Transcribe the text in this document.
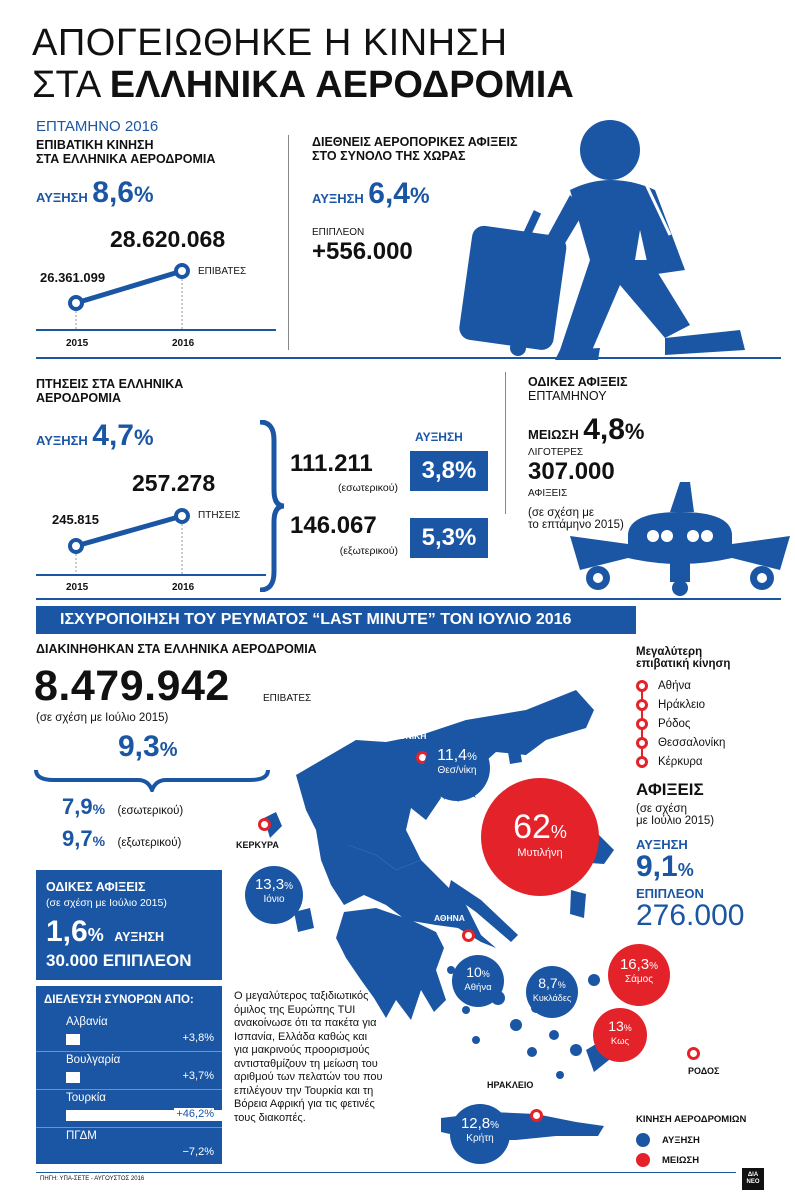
ΑΠΟΓΕΙΩΘΗΚΕ Η ΚΙΝΗΣΗ
ΣΤΑ ΕΛΛΗΝΙΚΑ ΑΕΡΟΔΡΟΜΙΑ
ΕΠΤΑΜΗΝΟ 2016
ΕΠΙΒΑΤΙΚΗ ΚΙΝΗΣΗ
ΣΤΑ ΕΛΛΗΝΙΚΑ ΑΕΡΟΔΡΟΜΙΑ
ΑΥΞΗΣΗ 8,6%
28.620.068
26.361.099	ΕΠΙΒΑΤΕΣ
2015	2016
ΔΙΕΘΝΕΙΣ ΑΕΡΟΠΟΡΙΚΕΣ ΑΦΙΞΕΙΣ
ΣΤΟ ΣΥΝΟΛΟ ΤΗΣ ΧΩΡΑΣ
ΑΥΞΗΣΗ 6,4%
ΕΠΙΠΛΕΟΝ
+556.000
ΠΤΗΣΕΙΣ ΣΤΑ ΕΛΛΗΝΙΚΑ
ΑΕΡΟΔΡΟΜΙΑ
ΑΥΞΗΣΗ 4,7%
257.278
245.815	ΠΤΗΣΕΙΣ
2015	2016
ΑΥΞΗΣΗ
111.211
(εσωτερικού)
3,8%
146.067
(εξωτερικού) 5,3%
ΟΔΙΚΕΣ ΑΦΙΞΕΙΣ
ΕΠΤΑΜΗΝΟΥ
ΜΕΙΩΣΗ 4,8%
ΛΙΓΟΤΕΡΕΣ
307.000
ΑΦΙΞΕΙΣ
(σε σχέση με
το επτάμηνο 2015)
ΙΣΧΥΡΟΠΟΙΗΣΗ ΤΟΥ ΡΕΥΜΑΤΟΣ “LAST MINUTE” ΤΟΝ ΙΟΥΛΙΟ 2016
ΘΕΣΣΑΛΟΝΙΚΗ
ΚΕΡΚΥΡΑ
ΑΘΗΝΑ
ΗΡΑΚΛΕΙΟ
ΡΟΔΟΣ
11,4%
Θεσ/νίκη
62%
Μυτιλήνη
13,3%
Ιόνιο
10%
Αθήνα	8,7%
Κυκλάδες
16,3%
Σάμος
13%
Κως
12,8%
Κρήτη
ΔΙΑΚΙΝΗΘΗΚΑΝ ΣΤΑ ΕΛΛΗΝΙΚΑ ΑΕΡΟΔΡΟΜΙΑ
8.479.942	ΕΠΙΒΑΤΕΣ
(σε σχέση με Ιούλιο 2015)
9,3%
7,9% (εσωτερικού)
9,7% (εξωτερικού)
ΟΔΙΚΕΣ ΑΦΙΞΕΙΣ
(σε σχέση με Ιούλιο 2015)
1,6% ΑΥΞΗΣΗ
30.000 ΕΠΙΠΛΕΟΝ
ΔΙΕΛΕΥΣΗ ΣΥΝΟΡΩΝ ΑΠΟ:
Αλβανία
+3,8%
Βουλγαρία
+3,7%
Τουρκία
+46,2%
ΠΓΔΜ
−7,2%
Ο μεγαλύτερος ταξιδιωτικός όμιλος της Ευρώπης TUI ανακοίνωσε ότι τα πακέτα για Ισπανία, Ελλάδα καθώς και για μακρινούς προορισμούς αντισταθμίζουν τη μείωση του αριθμού των πελατών του που επιλέγουν την Τουρκία και τη Βόρεια Αφρική για τις φετινές τους διακοπές.
Μεγαλύτερη
επιβατική κίνηση
Αθήνα
Ηράκλειο
Ρόδος
Θεσσαλονίκη
Κέρκυρα
ΑΦΙΞΕΙΣ
(σε σχέση
με Ιούλιο 2015)
ΑΥΞΗΣΗ
9,1%
ΕΠΙΠΛΕΟΝ
276.000
ΚΙΝΗΣΗ ΑΕΡΟΔΡΟΜΙΩΝ
ΑΥΞΗΣΗ
ΜΕΙΩΣΗ
ΠΗΓΗ: ΥΠΑ-ΣΕΤΕ - ΑΥΓΟΥΣΤΟΣ 2016
ΔΙΑ ΝΕΟ
